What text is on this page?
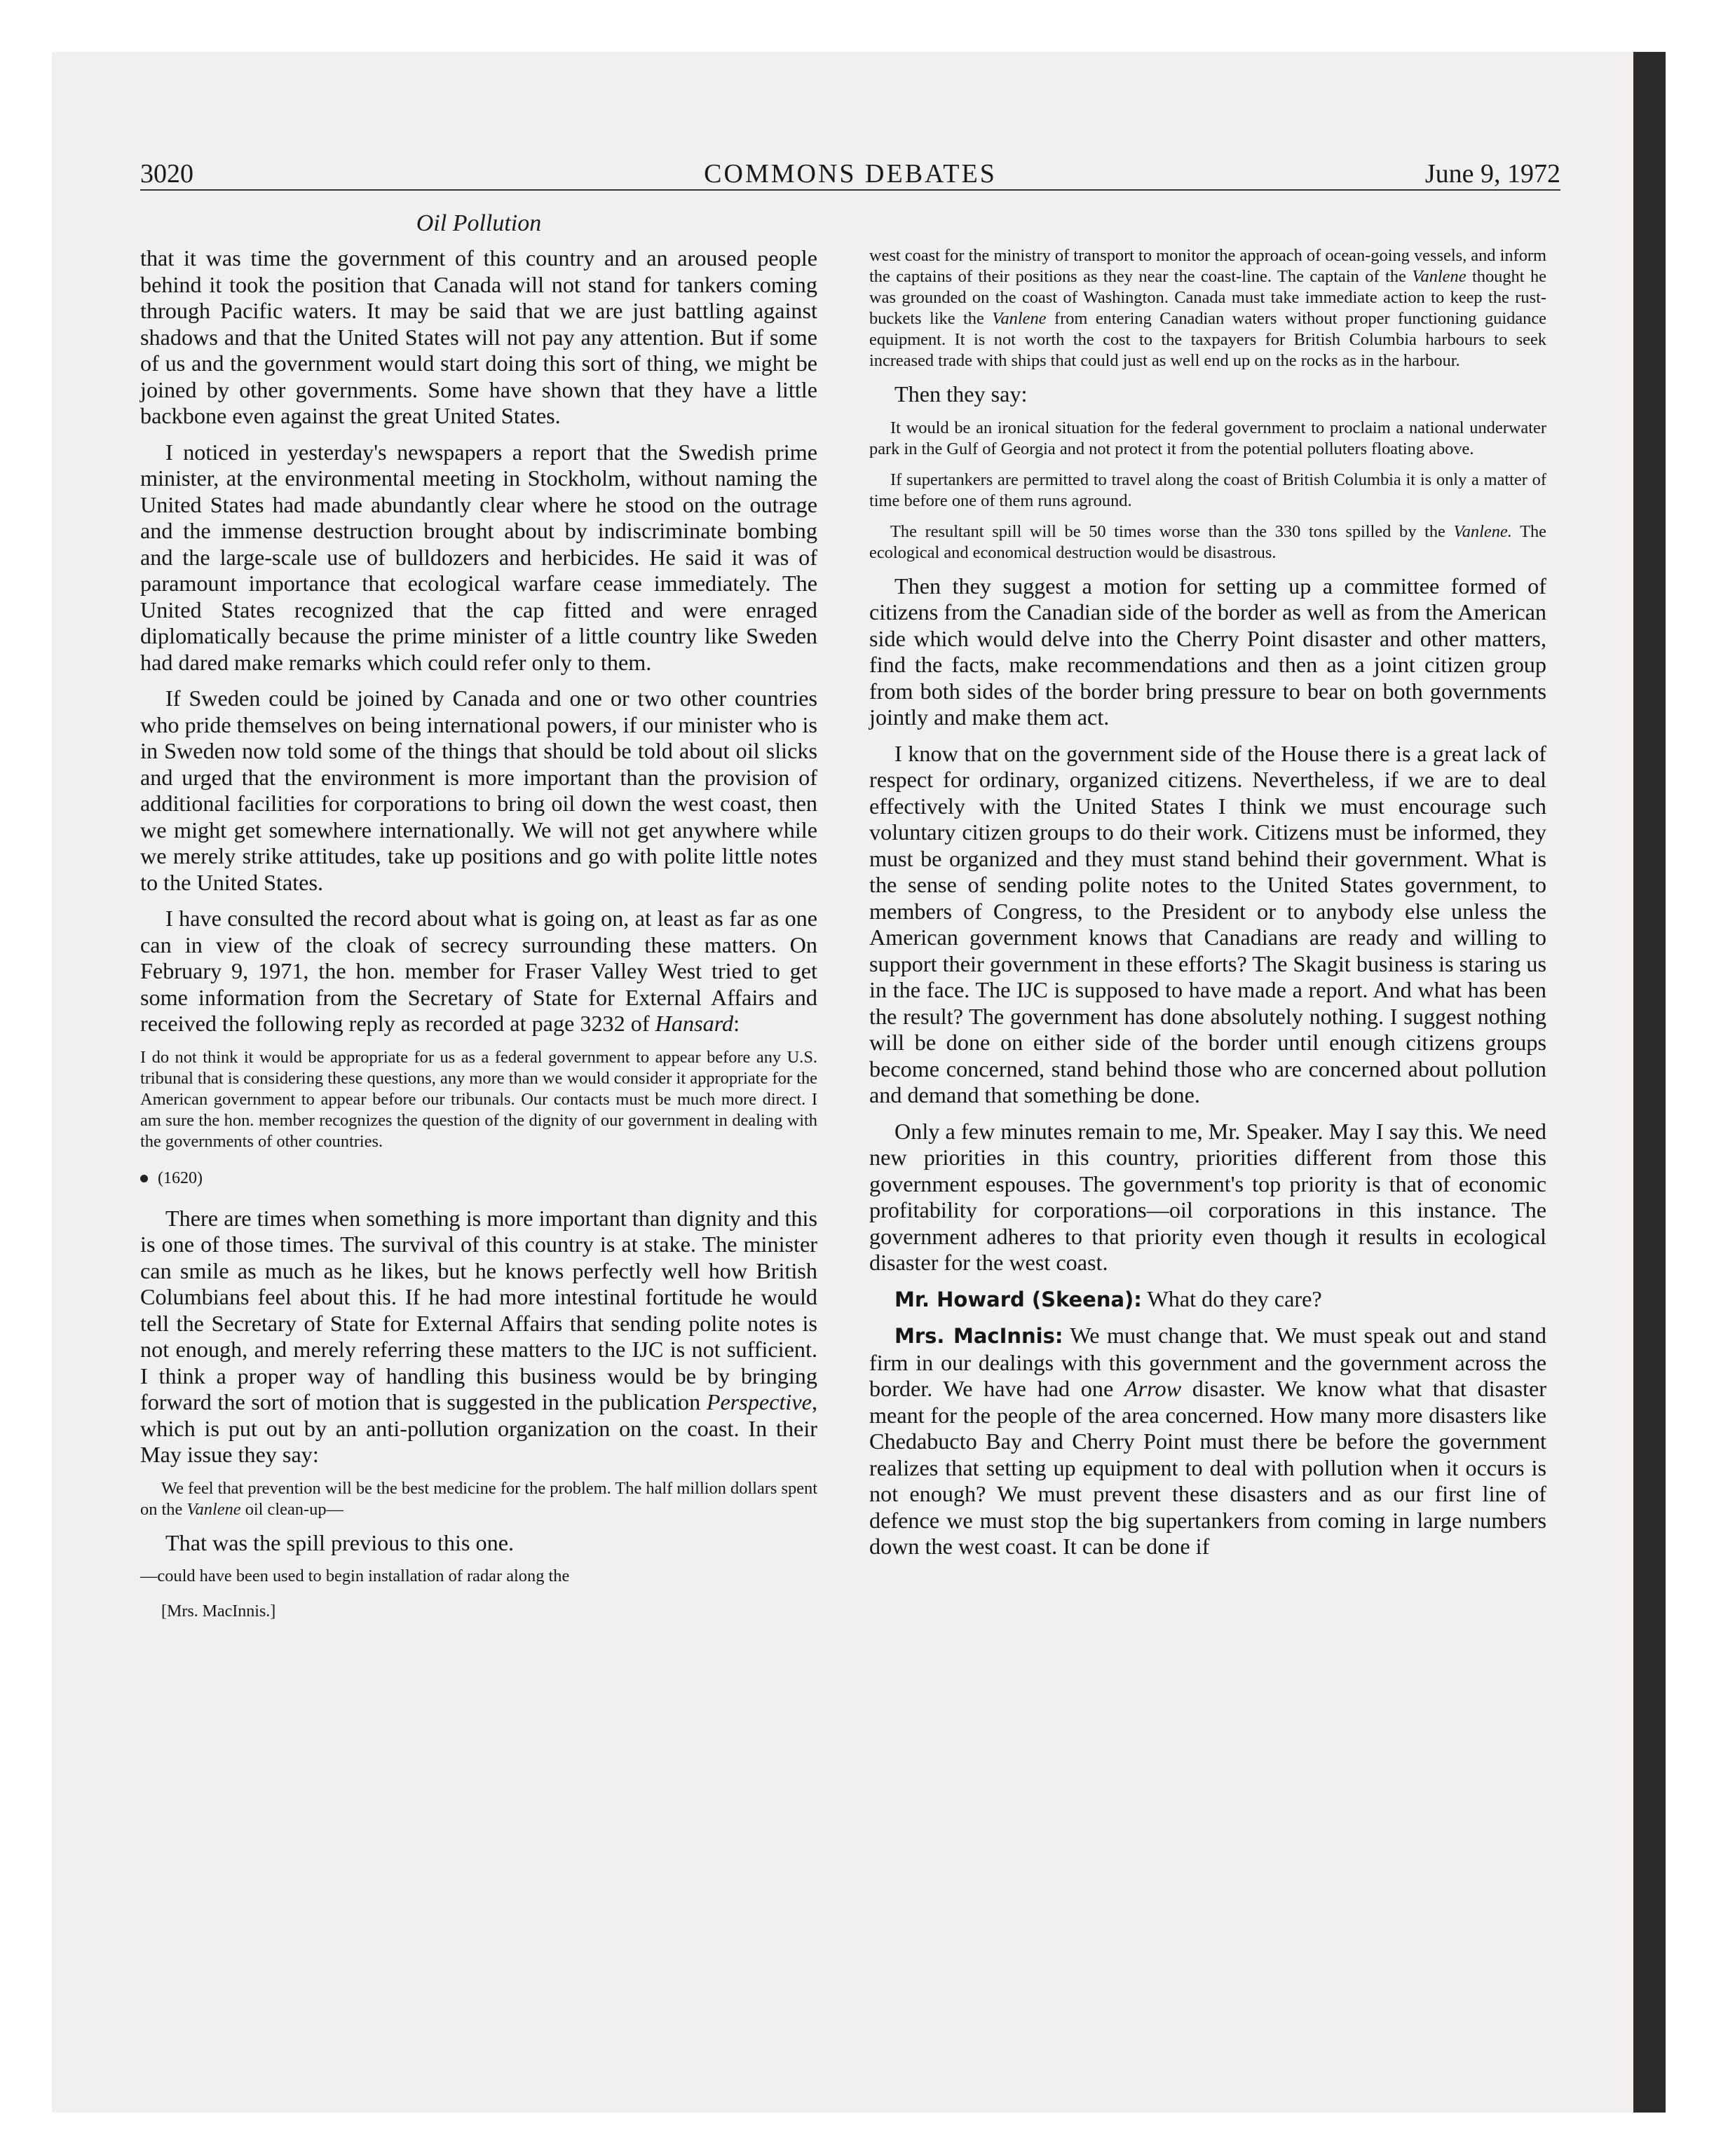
3020	COMMONS DEBATES	June 9, 1972
Oil Pollution

that it was time the government of this country and an aroused people behind it took the position that Canada will not stand for tankers coming through Pacific waters. It may be said that we are just battling against shadows and that the United States will not pay any attention. But if some of us and the government would start doing this sort of thing, we might be joined by other governments. Some have shown that they have a little backbone even against the great United States.

I noticed in yesterday's newspapers a report that the Swedish prime minister, at the environmental meeting in Stockholm, without naming the United States had made abundantly clear where he stood on the outrage and the immense destruction brought about by indiscriminate bombing and the large-scale use of bulldozers and herbicides. He said it was of paramount importance that ecological warfare cease immediately. The United States recognized that the cap fitted and were enraged diplomatically because the prime minister of a little country like Sweden had dared make remarks which could refer only to them.

If Sweden could be joined by Canada and one or two other countries who pride themselves on being international powers, if our minister who is in Sweden now told some of the things that should be told about oil slicks and urged that the environment is more important than the provision of additional facilities for corporations to bring oil down the west coast, then we might get somewhere internationally. We will not get anywhere while we merely strike attitudes, take up positions and go with polite little notes to the United States.

I have consulted the record about what is going on, at least as far as one can in view of the cloak of secrecy surrounding these matters. On February 9, 1971, the hon. member for Fraser Valley West tried to get some information from the Secretary of State for External Affairs and received the following reply as recorded at page 3232 of Hansard:

I do not think it would be appropriate for us as a federal government to appear before any U.S. tribunal that is considering these questions, any more than we would consider it appropriate for the American government to appear before our tribunals. Our contacts must be much more direct. I am sure the hon. member recognizes the question of the dignity of our government in dealing with the governments of other countries.

(1620)

There are times when something is more important than dignity and this is one of those times. The survival of this country is at stake. The minister can smile as much as he likes, but he knows perfectly well how British Columbians feel about this. If he had more intestinal fortitude he would tell the Secretary of State for External Affairs that sending polite notes is not enough, and merely referring these matters to the IJC is not sufficient. I think a proper way of handling this business would be by bringing forward the sort of motion that is suggested in the publication Perspective, which is put out by an anti-pollution organization on the coast. In their May issue they say:

We feel that prevention will be the best medicine for the problem. The half million dollars spent on the Vanlene oil clean-up—

That was the spill previous to this one.

—could have been used to begin installation of radar along the

[Mrs. MacInnis.]

west coast for the ministry of transport to monitor the approach of ocean-going vessels, and inform the captains of their positions as they near the coast-line. The captain of the Vanlene thought he was grounded on the coast of Washington. Canada must take immediate action to keep the rust-buckets like the Vanlene from entering Canadian waters without proper functioning guidance equipment. It is not worth the cost to the taxpayers for British Columbia harbours to seek increased trade with ships that could just as well end up on the rocks as in the harbour.

Then they say:

It would be an ironical situation for the federal government to proclaim a national underwater park in the Gulf of Georgia and not protect it from the potential polluters floating above.

If supertankers are permitted to travel along the coast of British Columbia it is only a matter of time before one of them runs aground.

The resultant spill will be 50 times worse than the 330 tons spilled by the Vanlene. The ecological and economical destruction would be disastrous.

Then they suggest a motion for setting up a committee formed of citizens from the Canadian side of the border as well as from the American side which would delve into the Cherry Point disaster and other matters, find the facts, make recommendations and then as a joint citizen group from both sides of the border bring pressure to bear on both governments jointly and make them act.

I know that on the government side of the House there is a great lack of respect for ordinary, organized citizens. Nevertheless, if we are to deal effectively with the United States I think we must encourage such voluntary citizen groups to do their work. Citizens must be informed, they must be organized and they must stand behind their government. What is the sense of sending polite notes to the United States government, to members of Congress, to the President or to anybody else unless the American government knows that Canadians are ready and willing to support their government in these efforts? The Skagit business is staring us in the face. The IJC is supposed to have made a report. And what has been the result? The government has done absolutely nothing. I suggest nothing will be done on either side of the border until enough citizens groups become concerned, stand behind those who are concerned about pollution and demand that something be done.

Only a few minutes remain to me, Mr. Speaker. May I say this. We need new priorities in this country, priorities different from those this government espouses. The government's top priority is that of economic profitability for corporations—oil corporations in this instance. The government adheres to that priority even though it results in ecological disaster for the west coast.

Mr. Howard (Skeena): What do they care?

Mrs. MacInnis: We must change that. We must speak out and stand firm in our dealings with this government and the government across the border. We have had one Arrow disaster. We know what that disaster meant for the people of the area concerned. How many more disasters like Chedabucto Bay and Cherry Point must there be before the government realizes that setting up equipment to deal with pollution when it occurs is not enough? We must prevent these disasters and as our first line of defence we must stop the big supertankers from coming in large numbers down the west coast. It can be done if
